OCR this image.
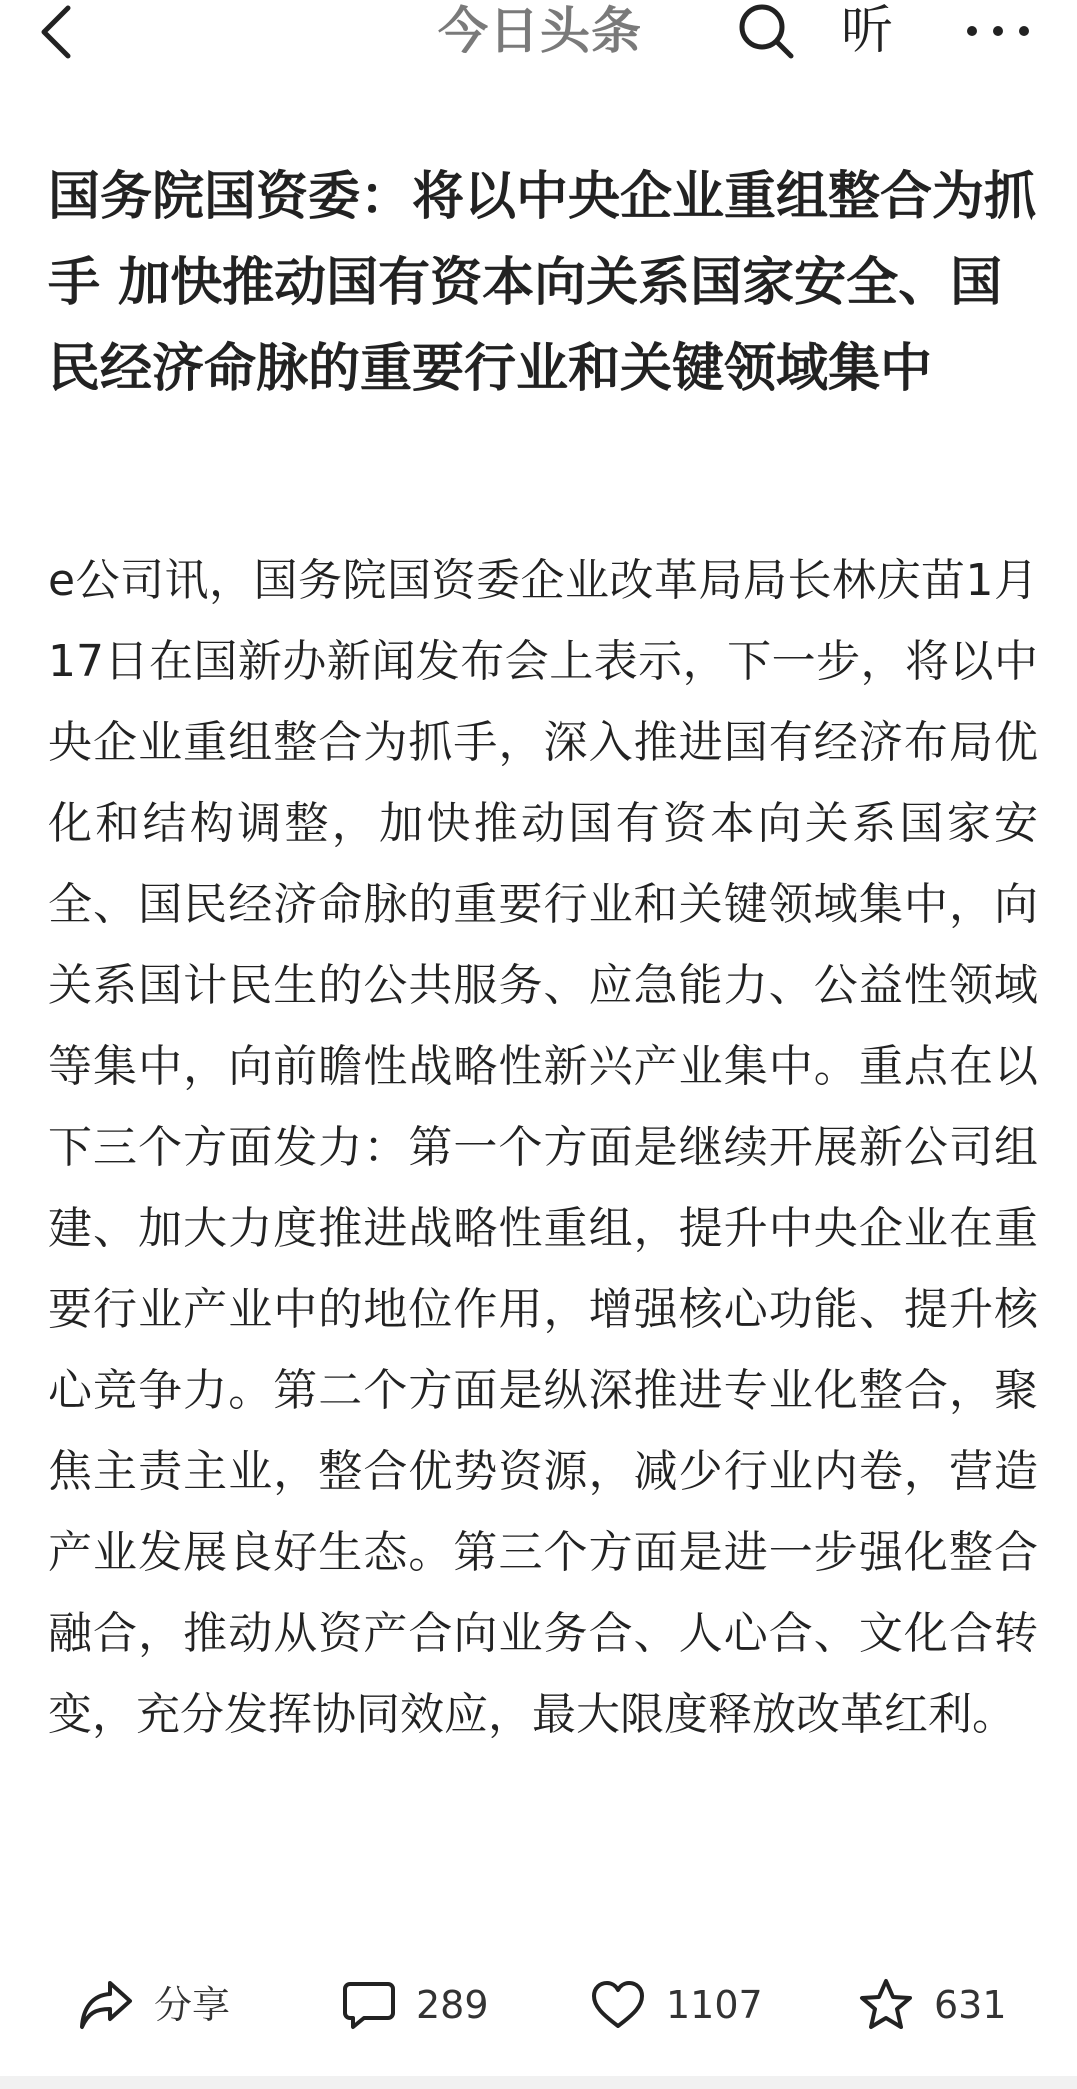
今日头条	听
国务院国资委：将以中央企业重组整合为抓手 加快推动国有资本向关系国家安全、国民经济命脉的重要行业和关键领域集中

e公司讯，国务院国资委企业改革局局长林庆苗1月17日在国新办新闻发布会上表示，下一步，将以中央企业重组整合为抓手，深入推进国有经济布局优化和结构调整，加快推动国有资本向关系国家安全、国民经济命脉的重要行业和关键领域集中，向关系国计民生的公共服务、应急能力、公益性领域等集中，向前瞻性战略性新兴产业集中。重点在以下三个方面发力：第一个方面是继续开展新公司组建、加大力度推进战略性重组，提升中央企业在重要行业产业中的地位作用，增强核心功能、提升核心竞争力。第二个方面是纵深推进专业化整合，聚焦主责主业，整合优势资源，减少行业内卷，营造产业发展良好生态。第三个方面是进一步强化整合融合，推动从资产合向业务合、人心合、文化合转变，充分发挥协同效应，最大限度释放改革红利。

分享	289	1107	631
